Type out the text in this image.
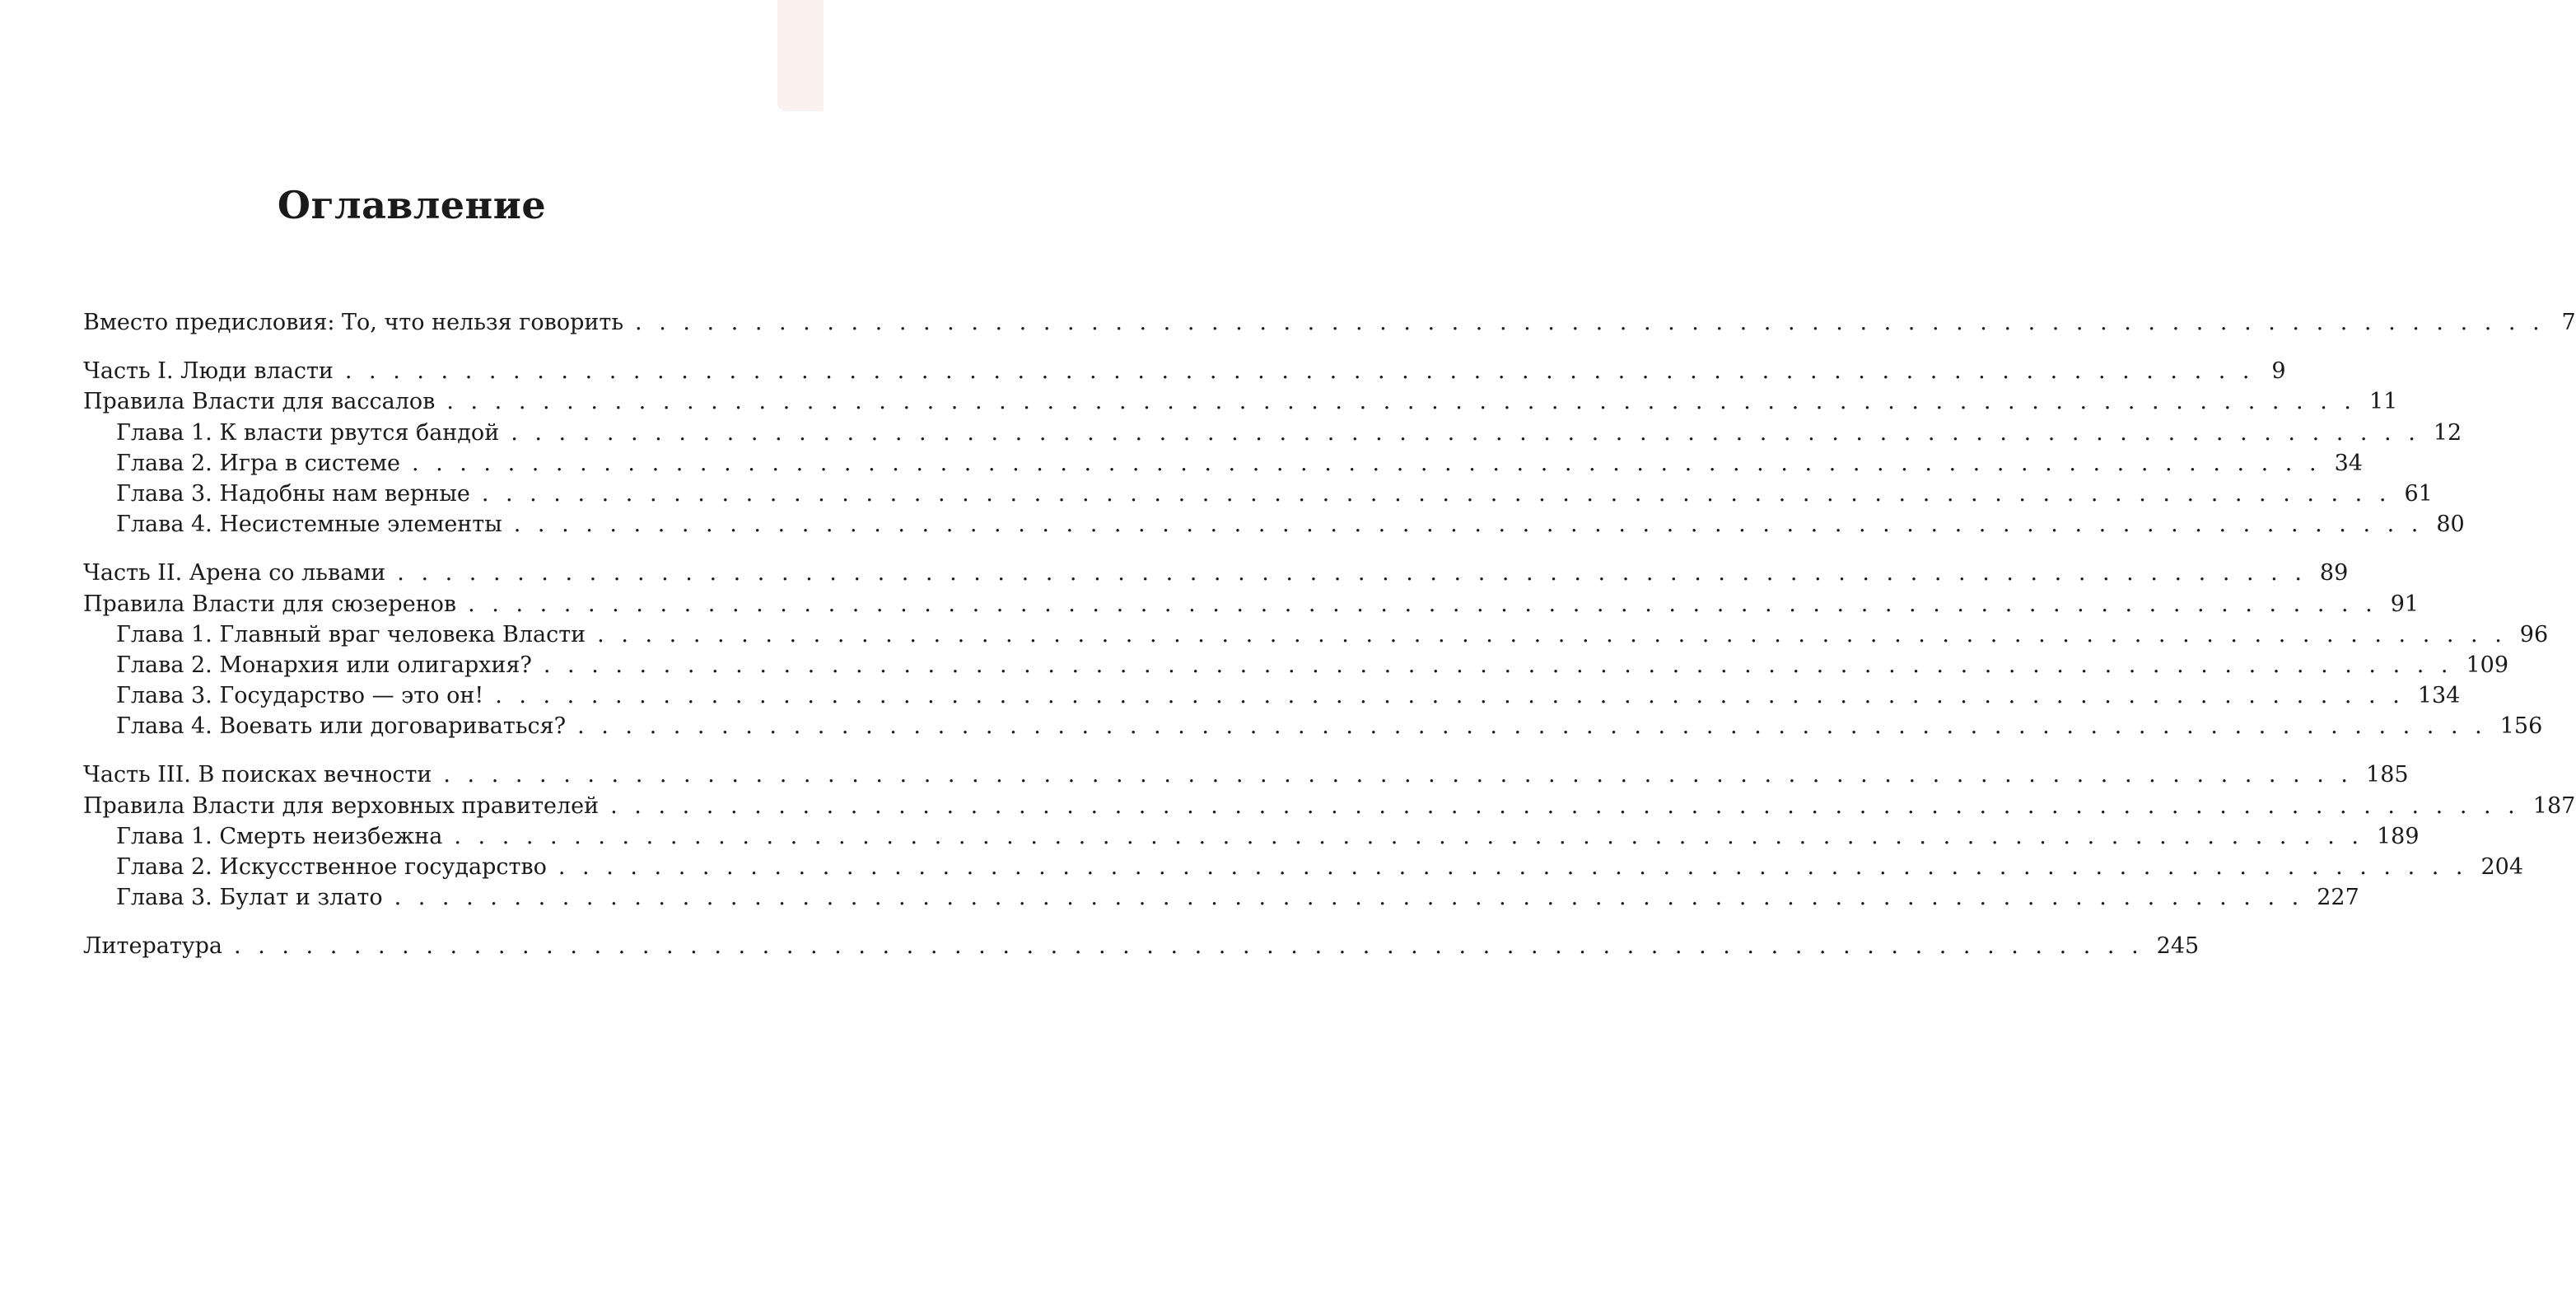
Оглавление
Вместо предисловия: То, что нельзя говорить . . . . . . . . . . . . . . . . . . . . . . . . . . . . . . . . . . . . . . . . . . . . . . . . . . . . . . . . . . . . . . . . . . . . . . . . . . . . . . . . 7
Часть I. Люди власти . . . . . . . . . . . . . . . . . . . . . . . . . . . . . . . . . . . . . . . . . . . . . . . . . . . . . . . . . . . . . . . . . . . . . . . . . . . . . . . . 9
Правила Власти для вассалов . . . . . . . . . . . . . . . . . . . . . . . . . . . . . . . . . . . . . . . . . . . . . . . . . . . . . . . . . . . . . . . . . . . . . . . . . . . . . . . . 11
Глава 1. К власти рвутся бандой . . . . . . . . . . . . . . . . . . . . . . . . . . . . . . . . . . . . . . . . . . . . . . . . . . . . . . . . . . . . . . . . . . . . . . . . . . . . . . . . 12
Глава 2. Игра в системе . . . . . . . . . . . . . . . . . . . . . . . . . . . . . . . . . . . . . . . . . . . . . . . . . . . . . . . . . . . . . . . . . . . . . . . . . . . . . . . . 34
Глава 3. Надобны нам верные . . . . . . . . . . . . . . . . . . . . . . . . . . . . . . . . . . . . . . . . . . . . . . . . . . . . . . . . . . . . . . . . . . . . . . . . . . . . . . . . 61
Глава 4. Несистемные элементы . . . . . . . . . . . . . . . . . . . . . . . . . . . . . . . . . . . . . . . . . . . . . . . . . . . . . . . . . . . . . . . . . . . . . . . . . . . . . . . . 80
Часть II. Арена со львами . . . . . . . . . . . . . . . . . . . . . . . . . . . . . . . . . . . . . . . . . . . . . . . . . . . . . . . . . . . . . . . . . . . . . . . . . . . . . . . . 89
Правила Власти для сюзеренов . . . . . . . . . . . . . . . . . . . . . . . . . . . . . . . . . . . . . . . . . . . . . . . . . . . . . . . . . . . . . . . . . . . . . . . . . . . . . . . . 91
Глава 1. Главный враг человека Власти . . . . . . . . . . . . . . . . . . . . . . . . . . . . . . . . . . . . . . . . . . . . . . . . . . . . . . . . . . . . . . . . . . . . . . . . . . . . . . . . 96
Глава 2. Монархия или олигархия? . . . . . . . . . . . . . . . . . . . . . . . . . . . . . . . . . . . . . . . . . . . . . . . . . . . . . . . . . . . . . . . . . . . . . . . . . . . . . . . . 109
Глава 3. Государство — это он! . . . . . . . . . . . . . . . . . . . . . . . . . . . . . . . . . . . . . . . . . . . . . . . . . . . . . . . . . . . . . . . . . . . . . . . . . . . . . . . . 134
Глава 4. Воевать или договариваться? . . . . . . . . . . . . . . . . . . . . . . . . . . . . . . . . . . . . . . . . . . . . . . . . . . . . . . . . . . . . . . . . . . . . . . . . . . . . . . . . 156
Часть III. В поисках вечности . . . . . . . . . . . . . . . . . . . . . . . . . . . . . . . . . . . . . . . . . . . . . . . . . . . . . . . . . . . . . . . . . . . . . . . . . . . . . . . . 185
Правила Власти для верховных правителей . . . . . . . . . . . . . . . . . . . . . . . . . . . . . . . . . . . . . . . . . . . . . . . . . . . . . . . . . . . . . . . . . . . . . . . . . . . . . . . . 187
Глава 1. Смерть неизбежна . . . . . . . . . . . . . . . . . . . . . . . . . . . . . . . . . . . . . . . . . . . . . . . . . . . . . . . . . . . . . . . . . . . . . . . . . . . . . . . . 189
Глава 2. Искусственное государство . . . . . . . . . . . . . . . . . . . . . . . . . . . . . . . . . . . . . . . . . . . . . . . . . . . . . . . . . . . . . . . . . . . . . . . . . . . . . . . . 204
Глава 3. Булат и злато . . . . . . . . . . . . . . . . . . . . . . . . . . . . . . . . . . . . . . . . . . . . . . . . . . . . . . . . . . . . . . . . . . . . . . . . . . . . . . . . 227
Литература . . . . . . . . . . . . . . . . . . . . . . . . . . . . . . . . . . . . . . . . . . . . . . . . . . . . . . . . . . . . . . . . . . . . . . . . . . . . . . . . 245
